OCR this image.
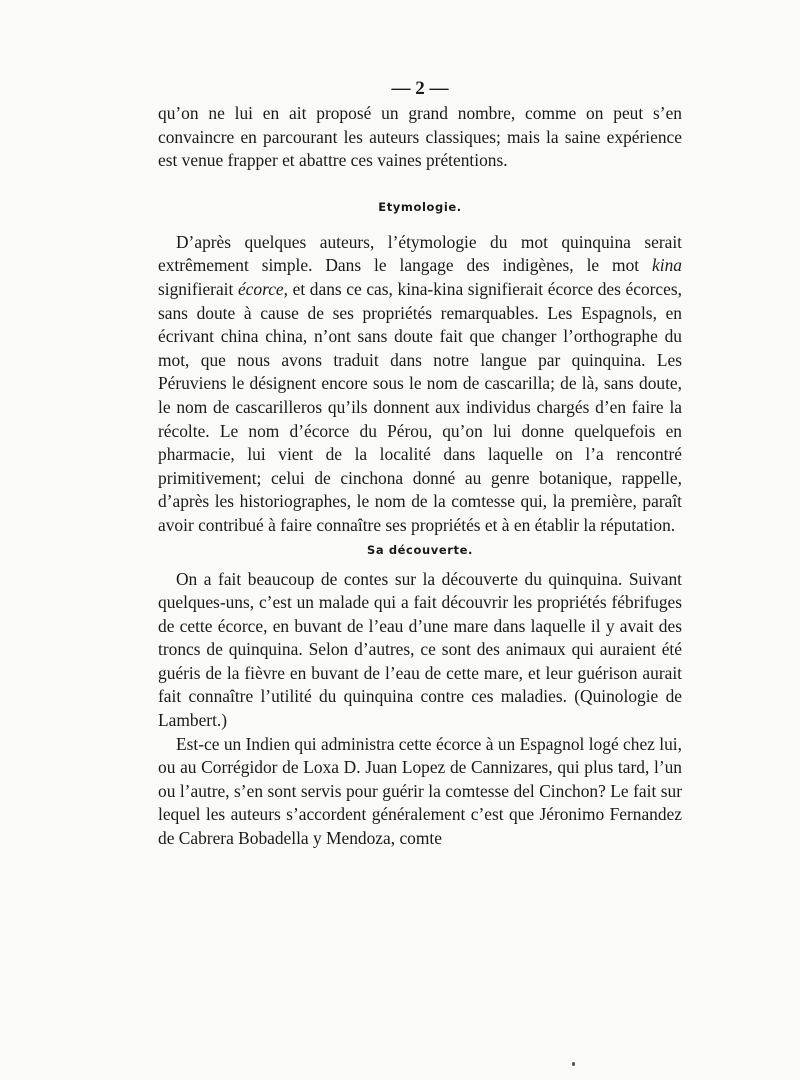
— 2 —

qu’on ne lui en ait proposé un grand nombre, comme on peut s’en convaincre en parcourant les auteurs classiques; mais la saine expérience est venue frapper et abattre ces vaines prétentions.

Etymologie.

D’après quelques auteurs, l’étymologie du mot quinquina serait extrêmement simple. Dans le langage des indigènes, le mot kina signifierait écorce, et dans ce cas, kina-kina signifierait écorce des écorces, sans doute à cause de ses propriétés remarquables. Les Espagnols, en écrivant china china, n’ont sans doute fait que changer l’orthographe du mot, que nous avons traduit dans notre langue par quinquina. Les Péruviens le désignent encore sous le nom de cascarilla; de là, sans doute, le nom de cascarilleros qu’ils donnent aux individus chargés d’en faire la récolte. Le nom d’écorce du Pérou, qu’on lui donne quelquefois en pharmacie, lui vient de la localité dans laquelle on l’a rencontré primitivement; celui de cinchona donné au genre botanique, rappelle, d’après les historiographes, le nom de la comtesse qui, la première, paraît avoir contribué à faire connaître ses propriétés et à en établir la réputation.

Sa découverte.

On a fait beaucoup de contes sur la découverte du quinquina. Suivant quelques-uns, c’est un malade qui a fait découvrir les propriétés fébrifuges de cette écorce, en buvant de l’eau d’une mare dans laquelle il y avait des troncs de quinquina. Selon d’autres, ce sont des animaux qui auraient été guéris de la fièvre en buvant de l’eau de cette mare, et leur guérison aurait fait connaître l’utilité du quinquina contre ces maladies. (Quinologie de Lambert.)

Est-ce un Indien qui administra cette écorce à un Espagnol logé chez lui, ou au Corrégidor de Loxa D. Juan Lopez de Cannizares, qui plus tard, l’un ou l’autre, s’en sont servis pour guérir la comtesse del Cinchon? Le fait sur lequel les auteurs s’accordent généralement c’est que Jéronimo Fernandez de Cabrera Bobadella y Mendoza, comte
